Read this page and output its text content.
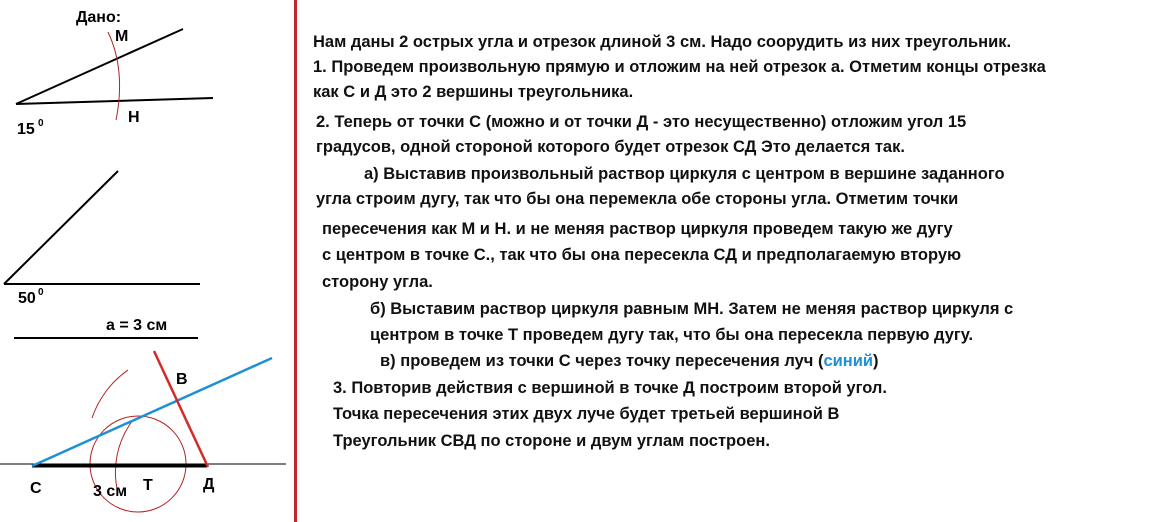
Дано:
M
Н
15 0
50 0
a = 3 см
В
С	Д
Т
3 см
Нам даны 2 острых угла и отрезок длиной 3 см. Надо соорудить из них треугольник.
1. Проведем произвольную прямую и отложим на ней отрезок а. Отметим концы отрезка
как С и Д это 2 вершины треугольника.
2. Теперь от точки С (можно и от точки Д - это несущественно) отложим угол 15
градусов, одной стороной которого будет отрезок СД Это делается так.
а) Выставив произвольный раствор циркуля с центром в вершине заданного
угла строим дугу, так что бы она перемекла обе стороны угла. Отметим точки
пересечения как М и Н. и не меняя раствор циркуля проведем такую же дугу
с центром в точке С., так что бы она пересекла СД и предполагаемую вторую
сторону угла.
б) Выставим раствор циркуля равным МН. Затем не меняя раствор циркуля с
центром в точке Т проведем дугу так, что бы она пересекла первую дугу.
в) проведем из точки С через точку пересечения луч (синий)
3. Повторив действия с вершиной в точке Д построим второй угол.
Точка пересечения этих двух луче будет третьей вершиной В
Треугольник СВД по стороне и двум углам построен.
